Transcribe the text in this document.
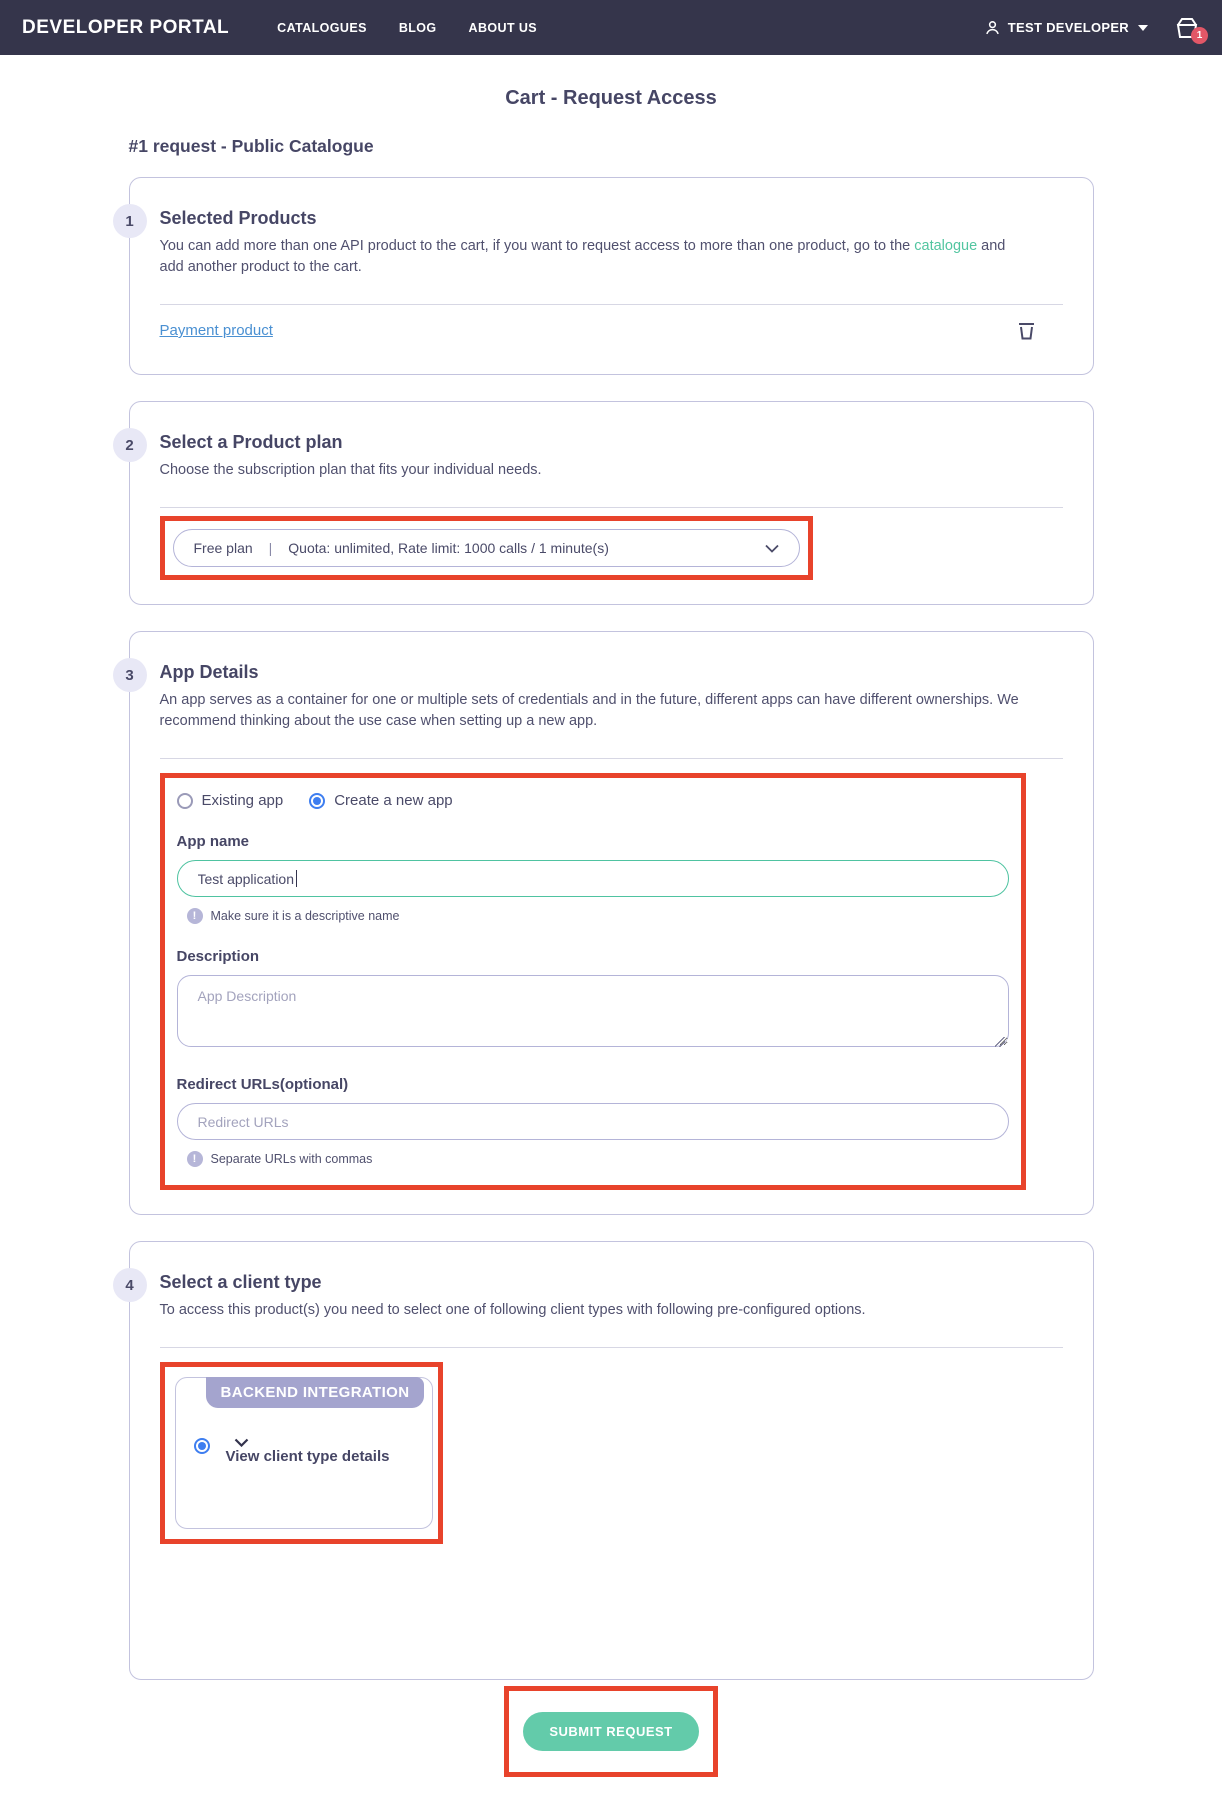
DEVELOPER PORTAL	CATALOGUES	BLOG	ABOUT US	TEST DEVELOPER	1
Cart - Request Access
#1 request - Public Catalogue
1	Selected Products
You can add more than one API product to the cart, if you want to request access to more than one product, go to the catalogue and add another product to the cart.
Payment product
2	Select a Product plan
Choose the subscription plan that fits your individual needs.
Free plan | Quota: unlimited, Rate limit: 1000 calls / 1 minute(s)
3	App Details
An app serves as a container for one or multiple sets of credentials and in the future, different apps can have different ownerships. We recommend thinking about the use case when setting up a new app.
Existing app	Create a new app
App name
Test application
!	Make sure it is a descriptive name
Description
App Description
Redirect URLs(optional)
Redirect URLs
!	Separate URLs with commas
4	Select a client type
To access this product(s) you need to select one of following client types with following pre-configured options.
BACKEND INTEGRATION
View client type details
SUBMIT REQUEST
